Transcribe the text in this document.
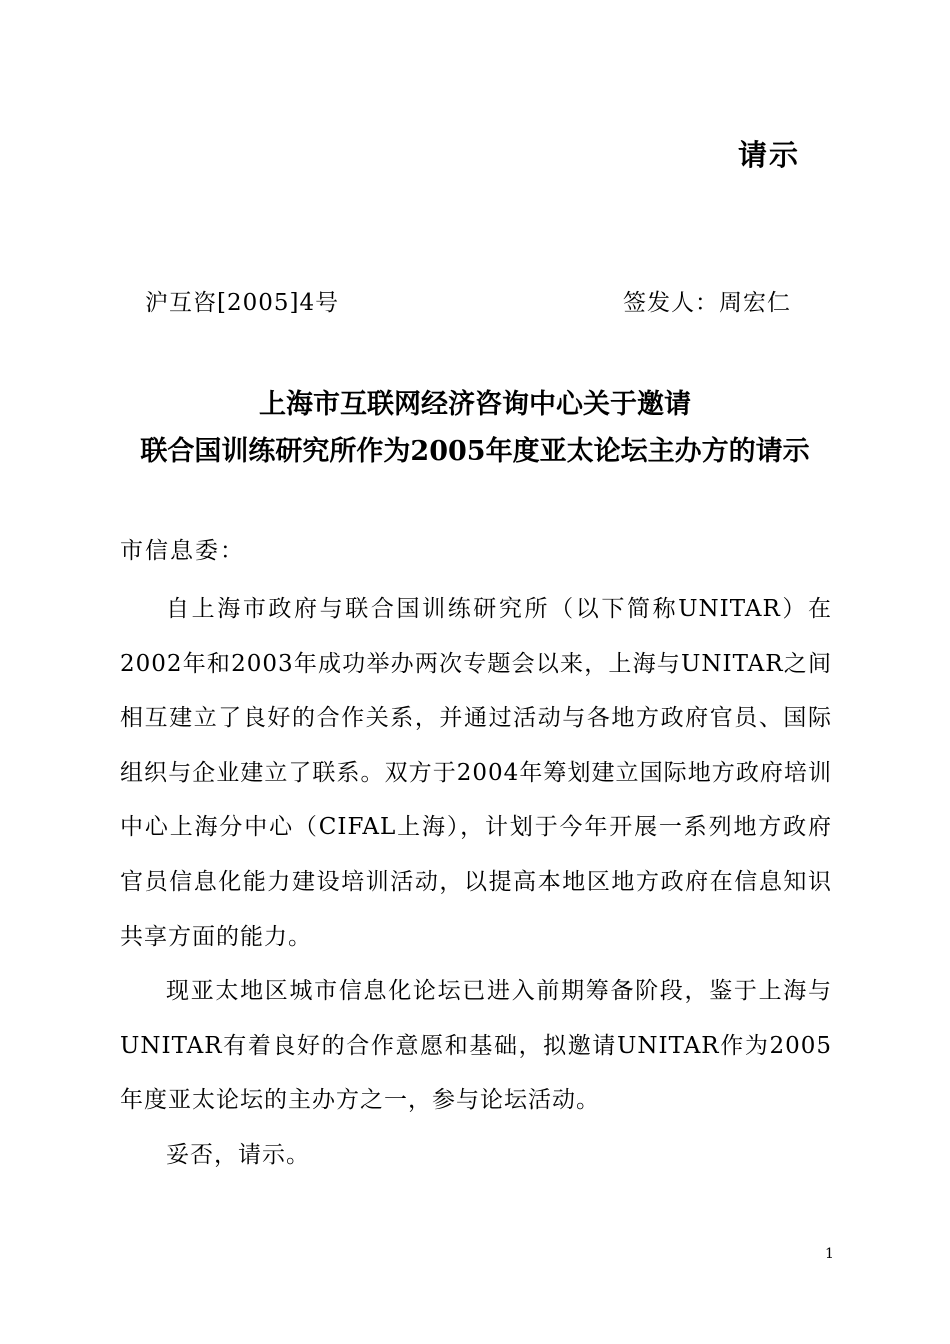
请示
沪互咨[2005]4号	签发人：周宏仁
上海市互联网经济咨询中心关于邀请
联合国训练研究所作为2005年度亚太论坛主办方的请示
市信息委：

自上海市政府与联合国训练研究所（以下简称UNITAR）在2002年和2003年成功举办两次专题会以来，上海与UNITAR之间相互建立了良好的合作关系，并通过活动与各地方政府官员、国际组织与企业建立了联系。双方于2004年筹划建立国际地方政府培训中心上海分中心（CIFAL上海），计划于今年开展一系列地方政府官员信息化能力建设培训活动，以提高本地区地方政府在信息知识共享方面的能力。

现亚太地区城市信息化论坛已进入前期筹备阶段，鉴于上海与UNITAR有着良好的合作意愿和基础，拟邀请UNITAR作为2005年度亚太论坛的主办方之一，参与论坛活动。

妥否，请示。

1
